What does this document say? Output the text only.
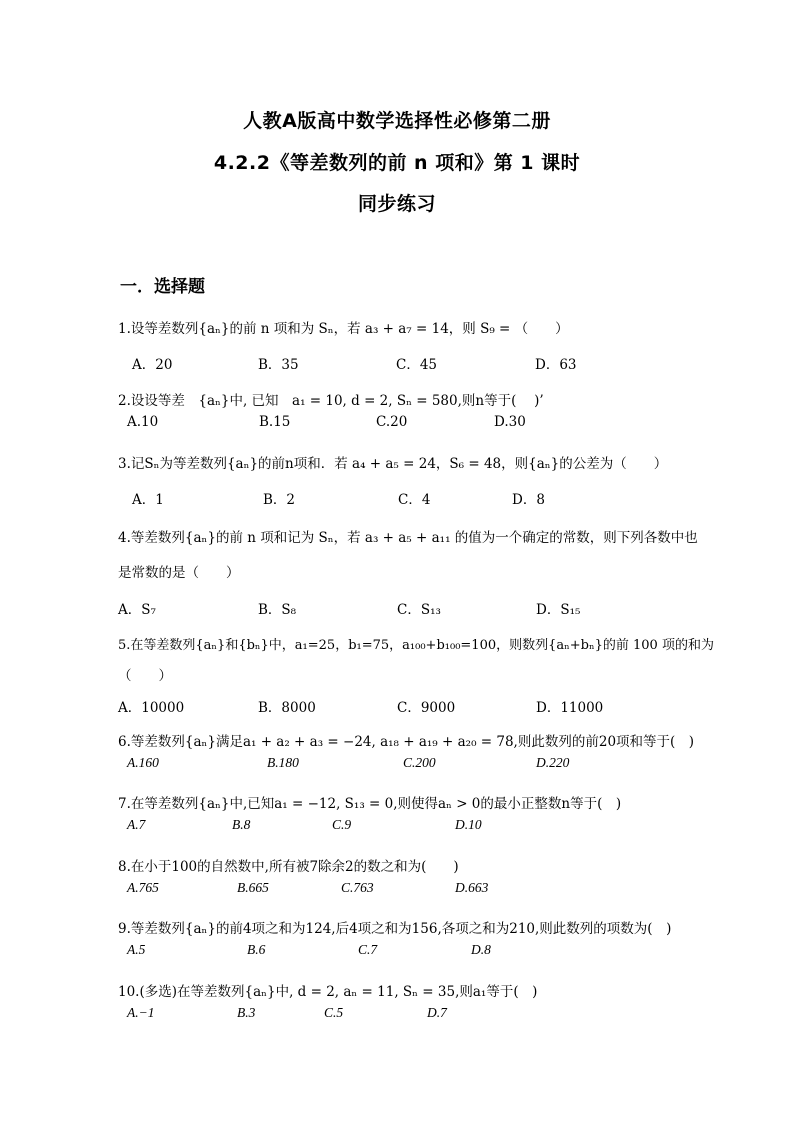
人教A版高中数学选择性必修第二册
4.2.2《等差数列的前 n 项和》第 1 课时
同步练习
一．选择题
1.设等差数列{aₙ}的前 n 项和为 Sₙ，若 a₃ + a₇ = 14，则 S₉ = （　　）
A．20	B．35	C．45	D．63
2.设设等差　{aₙ}中, 已知　a₁ = 10, d = 2, Sₙ = 580,则n等于(　 )’
A.10	B.15	C.20	D.30
3.记Sₙ为等差数列{aₙ}的前n项和．若 a₄ + a₅ = 24，S₆ = 48，则{aₙ}的公差为（　　）
A．1	B．2	C．4	D．8
4.等差数列{aₙ}的前 n 项和记为 Sₙ，若 a₃ + a₅ + a₁₁ 的值为一个确定的常数，则下列各数中也
是常数的是（　　）
A．S₇	B．S₈	C．S₁₃	D．S₁₅
5.在等差数列{aₙ}和{bₙ}中，a₁=25，b₁=75，a₁₀₀+b₁₀₀=100，则数列{aₙ+bₙ}的前 100 项的和为
（　　）
A．10000	B．8000	C．9000	D．11000
6.等差数列{aₙ}满足a₁ + a₂ + a₃ = −24, a₁₈ + a₁₉ + a₂₀ = 78,则此数列的前20项和等于(　)
A.160	B.180	C.200	D.220
7.在等差数列{aₙ}中,已知a₁ = −12, S₁₃ = 0,则使得aₙ > 0的最小正整数n等于(　)
A.7	B.8	C.9	D.10
8.在小于100的自然数中,所有被7除余2的数之和为(　　)
A.765	B.665	C.763	D.663
9.等差数列{aₙ}的前4项之和为124,后4项之和为156,各项之和为210,则此数列的项数为(　)
A.5	B.6	C.7	D.8
10.(多选)在等差数列{aₙ}中, d = 2, aₙ = 11, Sₙ = 35,则a₁等于(　)
A.−1	B.3	C.5	D.7
